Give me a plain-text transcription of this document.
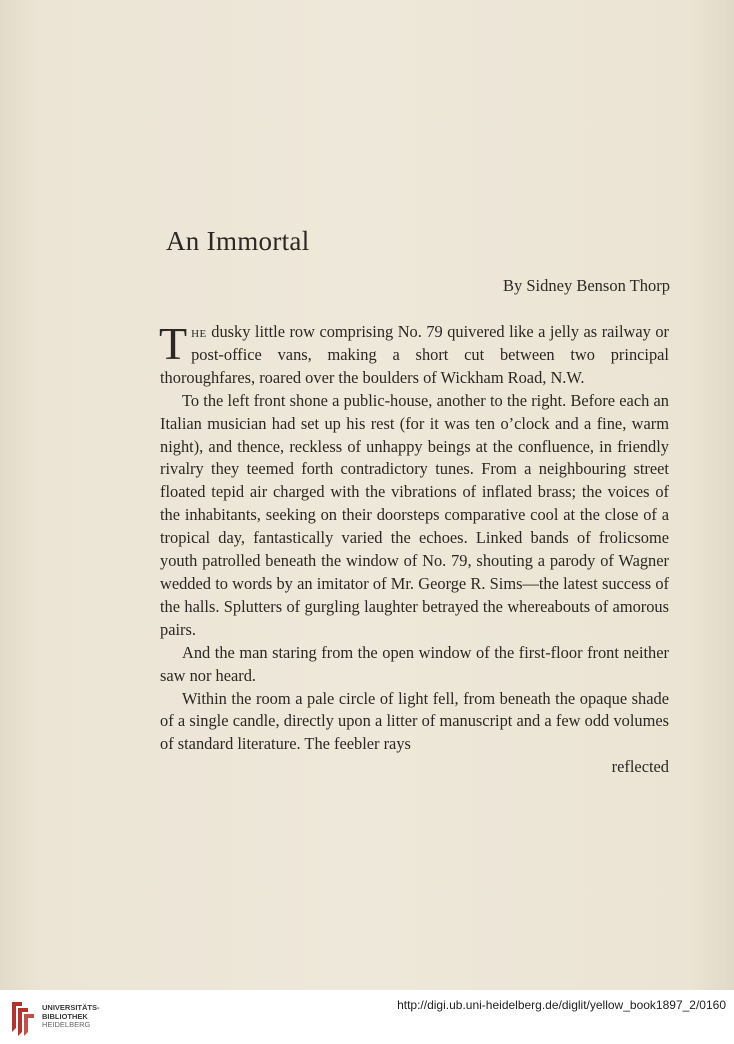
An Immortal
By Sidney Benson Thorp

The dusky little row comprising No. 79 quivered like a jelly as railway or post-office vans, making a short cut between two principal thoroughfares, roared over the boulders of Wickham Road, N.W.

To the left front shone a public-house, another to the right. Before each an Italian musician had set up his rest (for it was ten o’clock and a fine, warm night), and thence, reckless of unhappy beings at the confluence, in friendly rivalry they teemed forth contradictory tunes. From a neighbouring street floated tepid air charged with the vibrations of inflated brass; the voices of the inhabitants, seeking on their doorsteps comparative cool at the close of a tropical day, fantastically varied the echoes. Linked bands of frolicsome youth patrolled beneath the window of No. 79, shouting a parody of Wagner wedded to words by an imitator of Mr. George R. Sims—the latest success of the halls. Splutters of gurgling laughter betrayed the whereabouts of amorous pairs.

And the man staring from the open window of the first-floor front neither saw nor heard.

Within the room a pale circle of light fell, from beneath the opaque shade of a single candle, directly upon a litter of manuscript and a few odd volumes of standard literature. The feebler rays

reflected

UNIVERSITÄTS-
BIBLIOTHEK
HEIDELBERG
http://digi.ub.uni-heidelberg.de/diglit/yellow_book1897_2/0160
